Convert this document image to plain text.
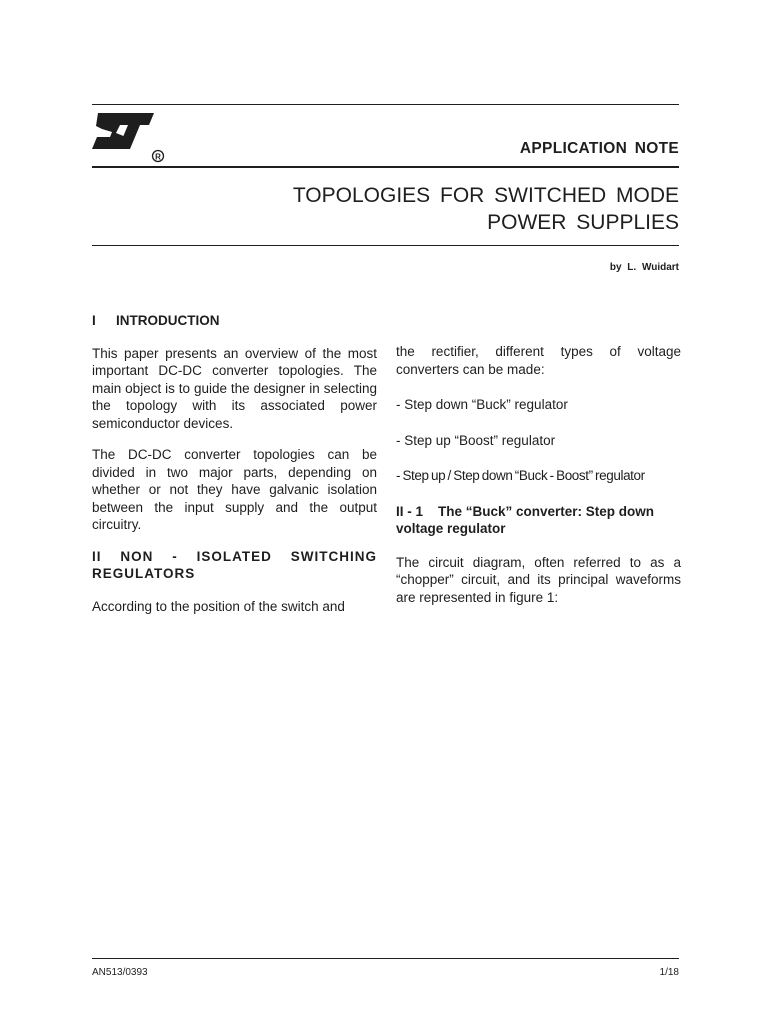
R	APPLICATION NOTE
TOPOLOGIES FOR SWITCHED MODE
POWER SUPPLIES
by L. Wuidart
I INTRODUCTION

This paper presents an overview of the most important DC-DC converter topologies. The main object is to guide the designer in selecting the topology with its associated power semiconductor devices.

The DC-DC converter topologies can be divided in two major parts, depending on whether or not they have galvanic isolation between the input supply and the output circuitry.

II NON - ISOLATED SWITCHING REGULATORS

According to the position of the switch and

the rectifier, different types of voltage converters can be made:

- Step down “Buck” regulator

- Step up “Boost” regulator

- Step up / Step down “Buck - Boost” regulator

II - 1    The “Buck” converter: Step down voltage regulator

The circuit diagram, often referred to as a “chopper” circuit, and its principal waveforms are represented in figure 1:

AN513/0393	1/18
